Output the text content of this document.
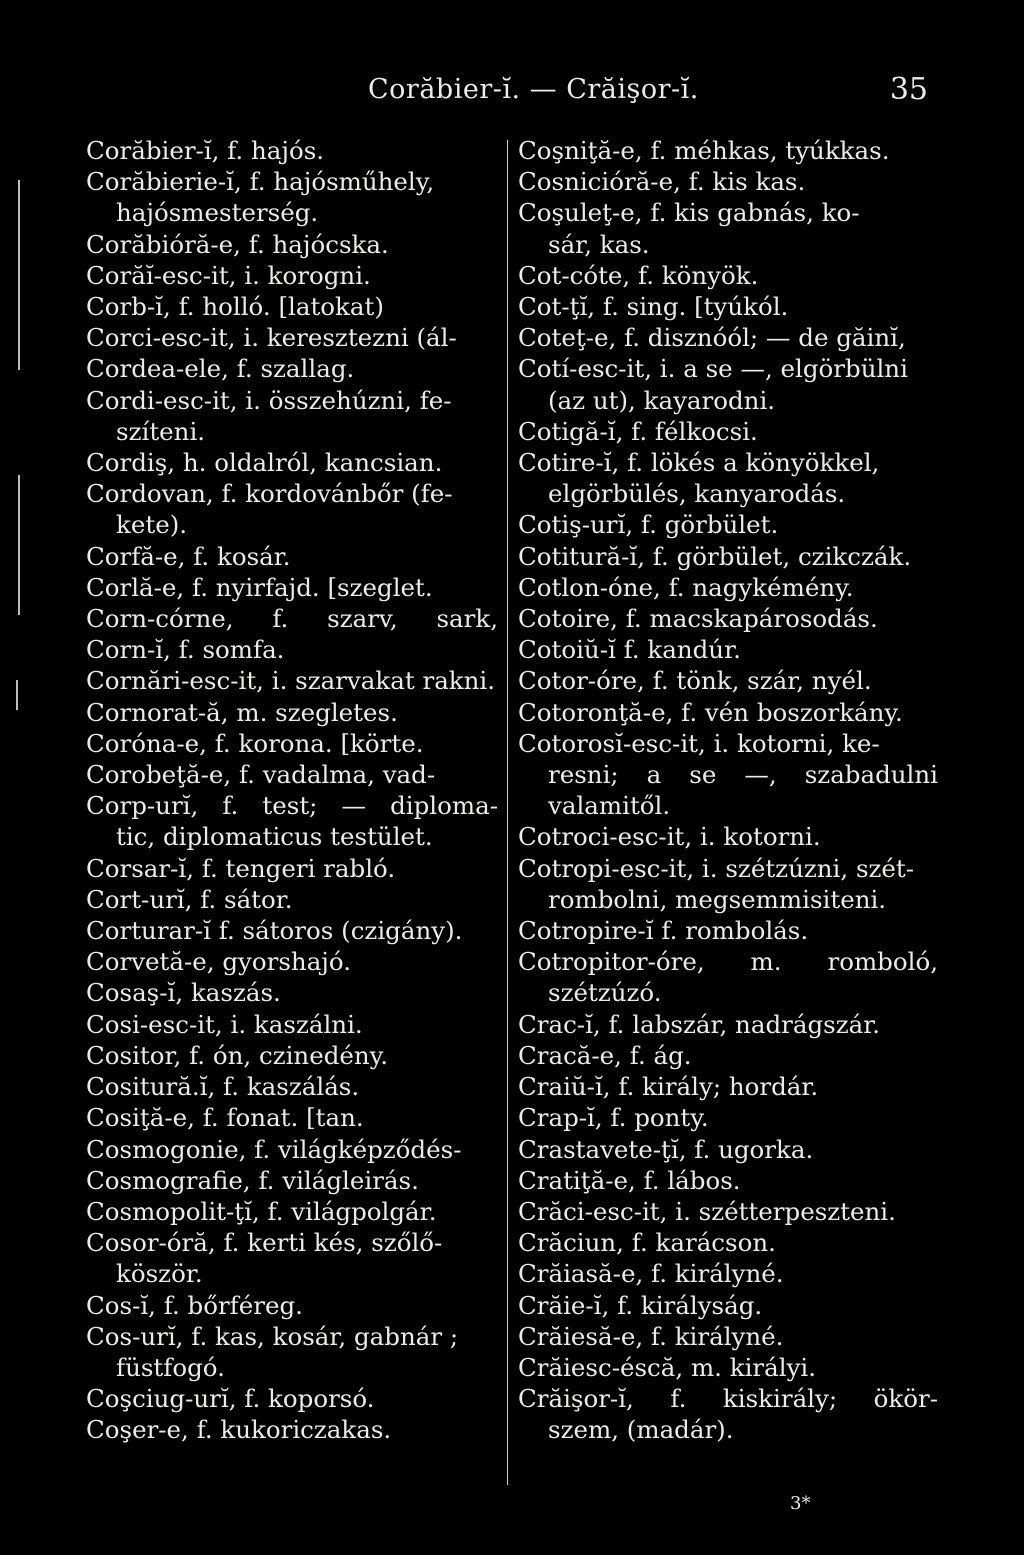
Corăbier-ĭ. — Crăişor-ĭ.	35
Corăbier-ĭ, f. hajós.
Corăbierie-ĭ, f. hajósműhely,
hajósmesterség.
Corăbióră-e, f. hajócska.
Corăĭ-esc-it, i. korogni.
Corb-ĭ, f. holló. [latokat)
Corci-esc-it, i. keresztezni (ál-
Cordea-ele, f. szallag.
Cordi-esc-it, i. összehúzni, fe-
szíteni.
Cordiş, h. oldalról, kancsian.
Cordovan, f. kordovánbőr (fe-
kete).
Corfă-e, f. kosár.
Corlă-e, f. nyirfajd. [szeglet.
Corn-córne, f. szarv, sark,
Corn-ĭ, f. somfa.
Cornări-esc-it, i. szarvakat rakni.
Cornorat-ă, m. szegletes.
Coróna-e, f. korona. [körte.
Corobeţă-e, f. vadalma, vad-
Corp-urĭ, f. test; — diploma-
tic, diplomaticus testület.
Corsar-ĭ, f. tengeri rabló.
Cort-urĭ, f. sátor.
Corturar-ĭ f. sátoros (czigány).
Corvetă-e, gyorshajó.
Cosaş-ĭ, kaszás.
Cosi-esc-it, i. kaszálni.
Cositor, f. ón, czinedény.
Cositură.ĭ, f. kaszálás.
Cosiţă-e, f. fonat. [tan.
Cosmogonie, f. világképződés-
Cosmografie, f. világleirás.
Cosmopolit-ţĭ, f. világpolgár.
Cosor-óră, f. kerti kés, szőlő-
köször.
Cos-ĭ, f. bőrféreg.
Cos-urĭ, f. kas, kosár, gabnár ;
füstfogó.
Coşciug-urĭ, f. koporsó.
Coşer-e, f. kukoriczakas.
Coşniţă-e, f. méhkas, tyúkkas.
Cosnicióră-e, f. kis kas.
Coşuleţ-e, f. kis gabnás, ko-
sár, kas.
Cot-cóte, f. könyök.
Cot-ţĭ, f. sing. [tyúkól.
Coteţ-e, f. disznóól; — de găinĭ,
Cotí-esc-it, i. a se —, elgörbülni
(az ut), kayarodni.
Cotigă-ĭ, f. félkocsi.
Cotire-ĭ, f. lökés a könyökkel,
elgörbülés, kanyarodás.
Cotiş-urĭ, f. görbület.
Cotitură-ĭ, f. görbület, czikczák.
Cotlon-óne, f. nagykémény.
Cotoire, f. macskapárosodás.
Cotoiŭ-ĭ f. kandúr.
Cotor-óre, f. tönk, szár, nyél.
Cotoronţă-e, f. vén boszorkány.
Cotorosĭ-esc-it, i. kotorni, ke-
resni; a se —, szabadulni
valamitől.
Cotroci-esc-it, i. kotorni.
Cotropi-esc-it, i. szétzúzni, szét-
rombolni, megsemmisiteni.
Cotropire-ĭ f. rombolás.
Cotropitor-óre, m. romboló,
szétzúzó.
Crac-ĭ, f. labszár, nadrágszár.
Cracă-e, f. ág.
Craiŭ-ĭ, f. király; hordár.
Crap-ĭ, f. ponty.
Crastavete-ţĭ, f. ugorka.
Cratiţă-e, f. lábos.
Crăci-esc-it, i. szétterpeszteni.
Crăciun, f. karácson.
Crăiasă-e, f. királyné.
Crăie-ĭ, f. királyság.
Crăiesă-e, f. királyné.
Crăiesc-éscă, m. királyi.
Crăişor-ĭ, f. kiskirály; ökör-
szem, (madár).
3*
